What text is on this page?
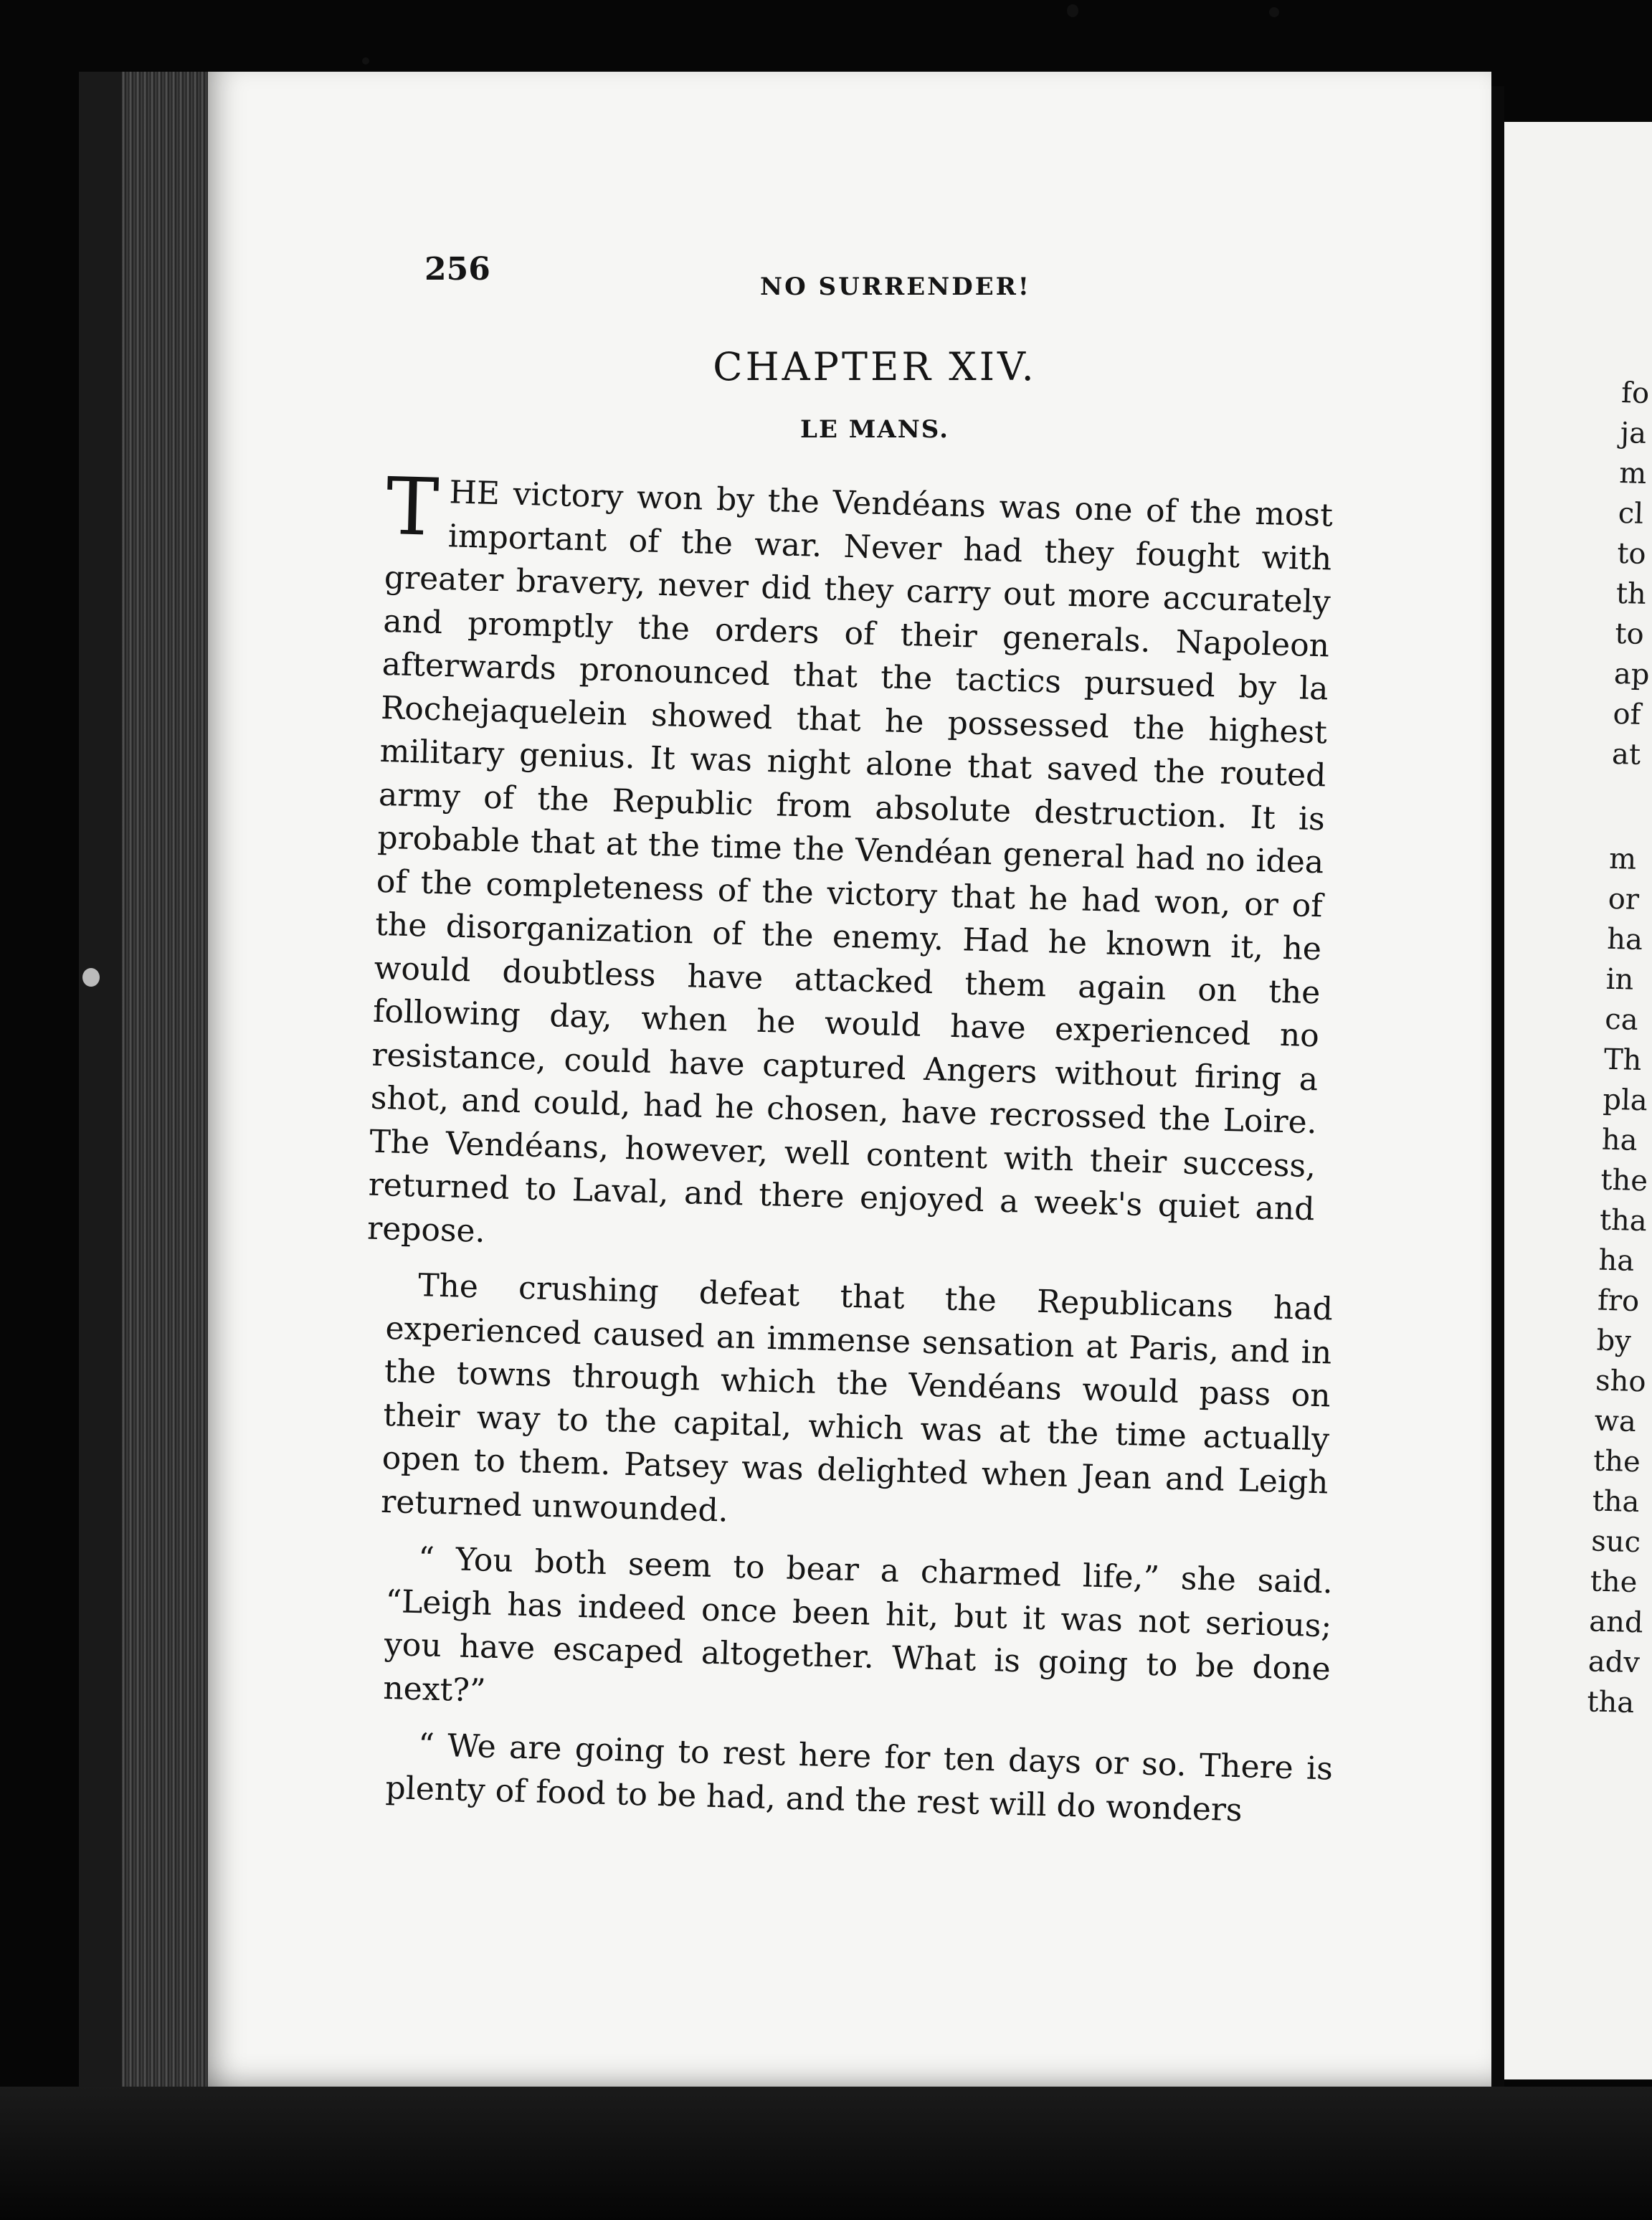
256	NO SURRENDER!
CHAPTER XIV.
LE MANS.

THE victory won by the Vendéans was one of the most important of the war. Never had they fought with greater bravery, never did they carry out more accurately and promptly the orders of their generals. Napoleon afterwards pronounced that the tactics pursued by la Rochejaquelein showed that he possessed the highest military genius. It was night alone that saved the routed army of the Republic from absolute destruction. It is probable that at the time the Vendéan general had no idea of the completeness of the victory that he had won, or of the disorganization of the enemy. Had he known it, he would doubtless have attacked them again on the following day, when he would have experienced no resistance, could have captured Angers without firing a shot, and could, had he chosen, have recrossed the Loire. The Vendéans, however, well content with their success, returned to Laval, and there enjoyed a week's quiet and repose.

The crushing defeat that the Republicans had experienced caused an immense sensation at Paris, and in the towns through which the Vendéans would pass on their way to the capital, which was at the time actually open to them. Patsey was delighted when Jean and Leigh returned unwounded.

“ You both seem to bear a charmed life,” she said. “Leigh has indeed once been hit, but it was not serious; you have escaped altogether. What is going to be done next?”

“ We are going to rest here for ten days or so. There is plenty of food to be had, and the rest will do wonders

fo
ja
m
cl
to
th
to
ap
of
at
m
or
ha
in
ca
Th
pla
ha
the
tha
ha
fro
by
sho
wa
the
tha
suc
the
and
adv
tha
